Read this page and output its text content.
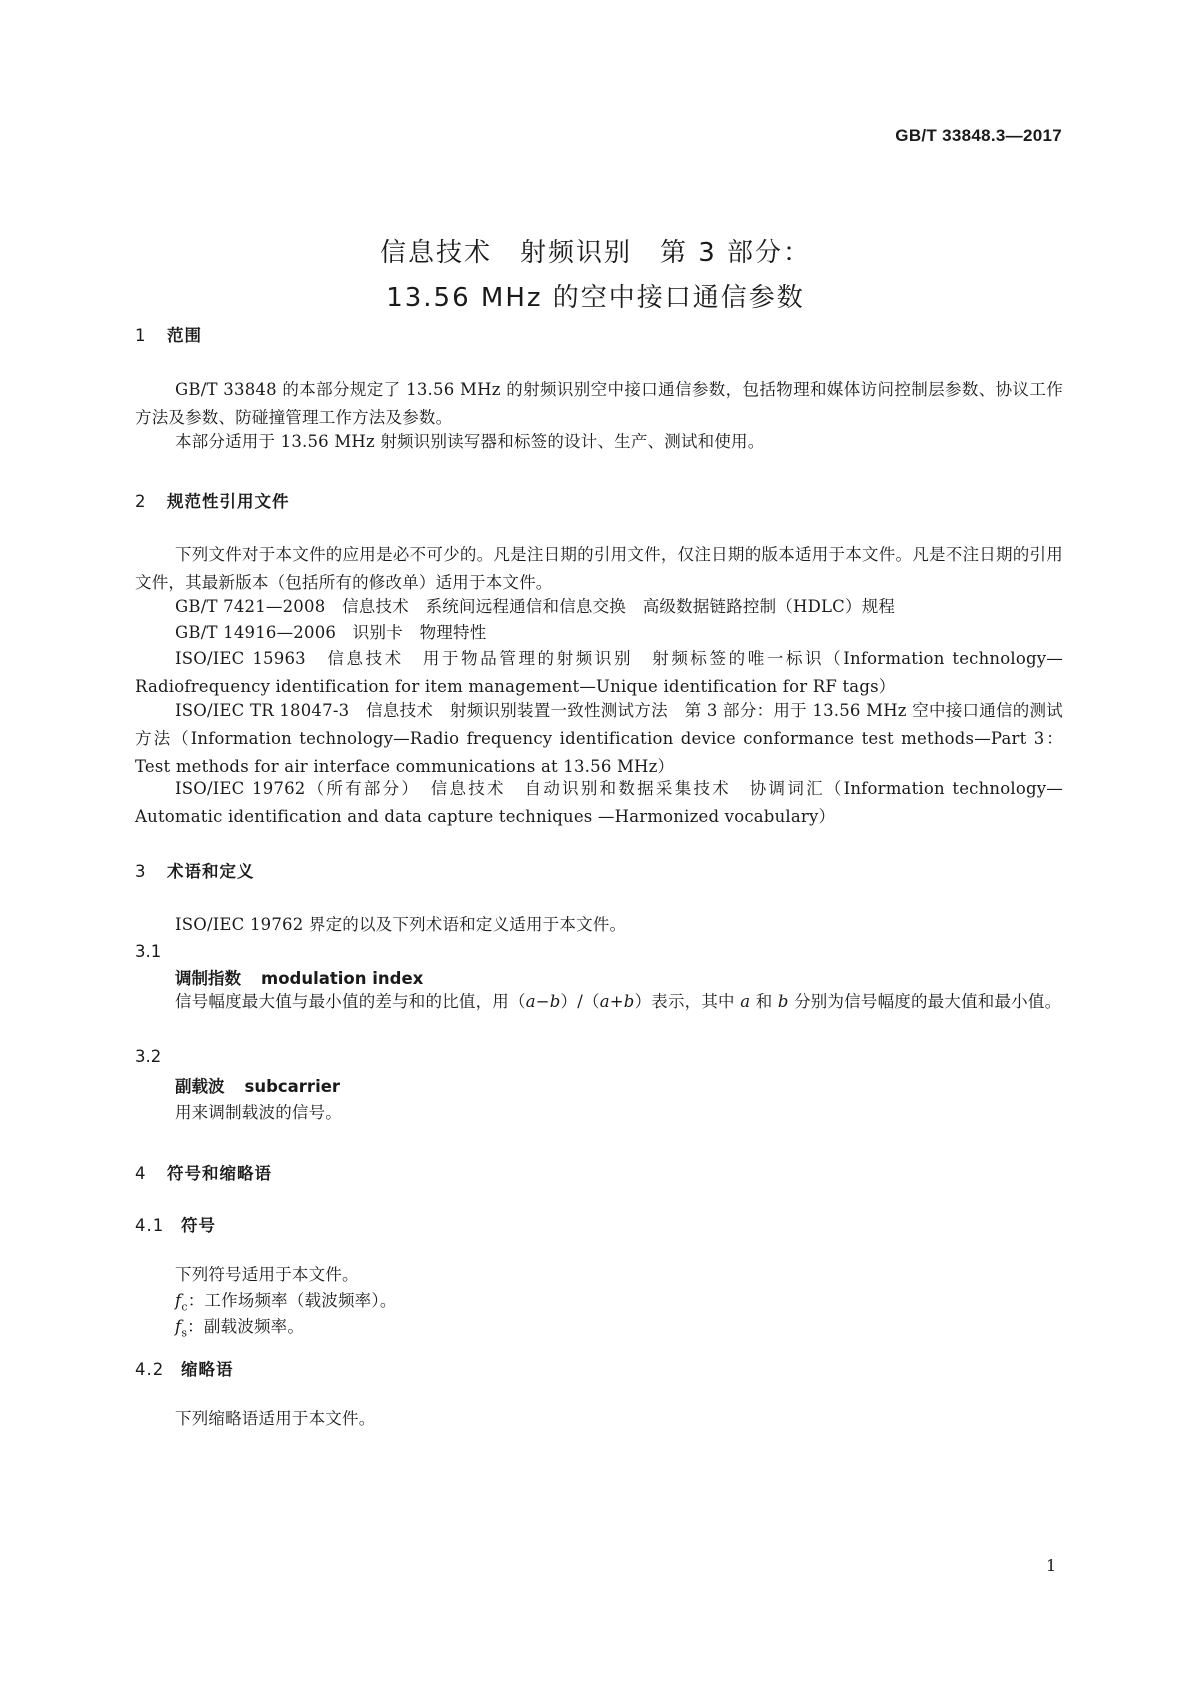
GB/T 33848.3—2017
信息技术　射频识别　第 3 部分：
13.56 MHz 的空中接口通信参数
1 范围
GB/T 33848 的本部分规定了 13.56 MHz 的射频识别空中接口通信参数，包括物理和媒体访问控制层参数、协议工作方法及参数、防碰撞管理工作方法及参数。
本部分适用于 13.56 MHz 射频识别读写器和标签的设计、生产、测试和使用。
2 规范性引用文件
下列文件对于本文件的应用是必不可少的。凡是注日期的引用文件，仅注日期的版本适用于本文件。凡是不注日期的引用文件，其最新版本（包括所有的修改单）适用于本文件。
GB/T 7421—2008　信息技术　系统间远程通信和信息交换　高级数据链路控制（HDLC）规程
GB/T 14916—2006　识别卡　物理特性
ISO/IEC 15963　信息技术　用于物品管理的射频识别　射频标签的唯一标识（Information technology—Radiofrequency identification for item management—Unique identification for RF tags）
ISO/IEC TR 18047-3　信息技术　射频识别装置一致性测试方法　第 3 部分：用于 13.56 MHz 空中接口通信的测试方法（Information technology—Radio frequency identification device conformance test methods—Part 3：Test methods for air interface communications at 13.56 MHz）
ISO/IEC 19762（所有部分）　信息技术　自动识别和数据采集技术　协调词汇（Information technology—Automatic identification and data capture techniques —Harmonized vocabulary）
3 术语和定义
ISO/IEC 19762 界定的以及下列术语和定义适用于本文件。
3.1
调制指数 modulation index
信号幅度最大值与最小值的差与和的比值，用（a−b）/（a+b）表示，其中 a 和 b 分别为信号幅度的最大值和最小值。
3.2
副载波 subcarrier
用来调制载波的信号。
4 符号和缩略语
4.1 符号
下列符号适用于本文件。
$f_c$：工作场频率（载波频率）。
$f_s$：副载波频率。
4.2 缩略语
下列缩略语适用于本文件。
1
